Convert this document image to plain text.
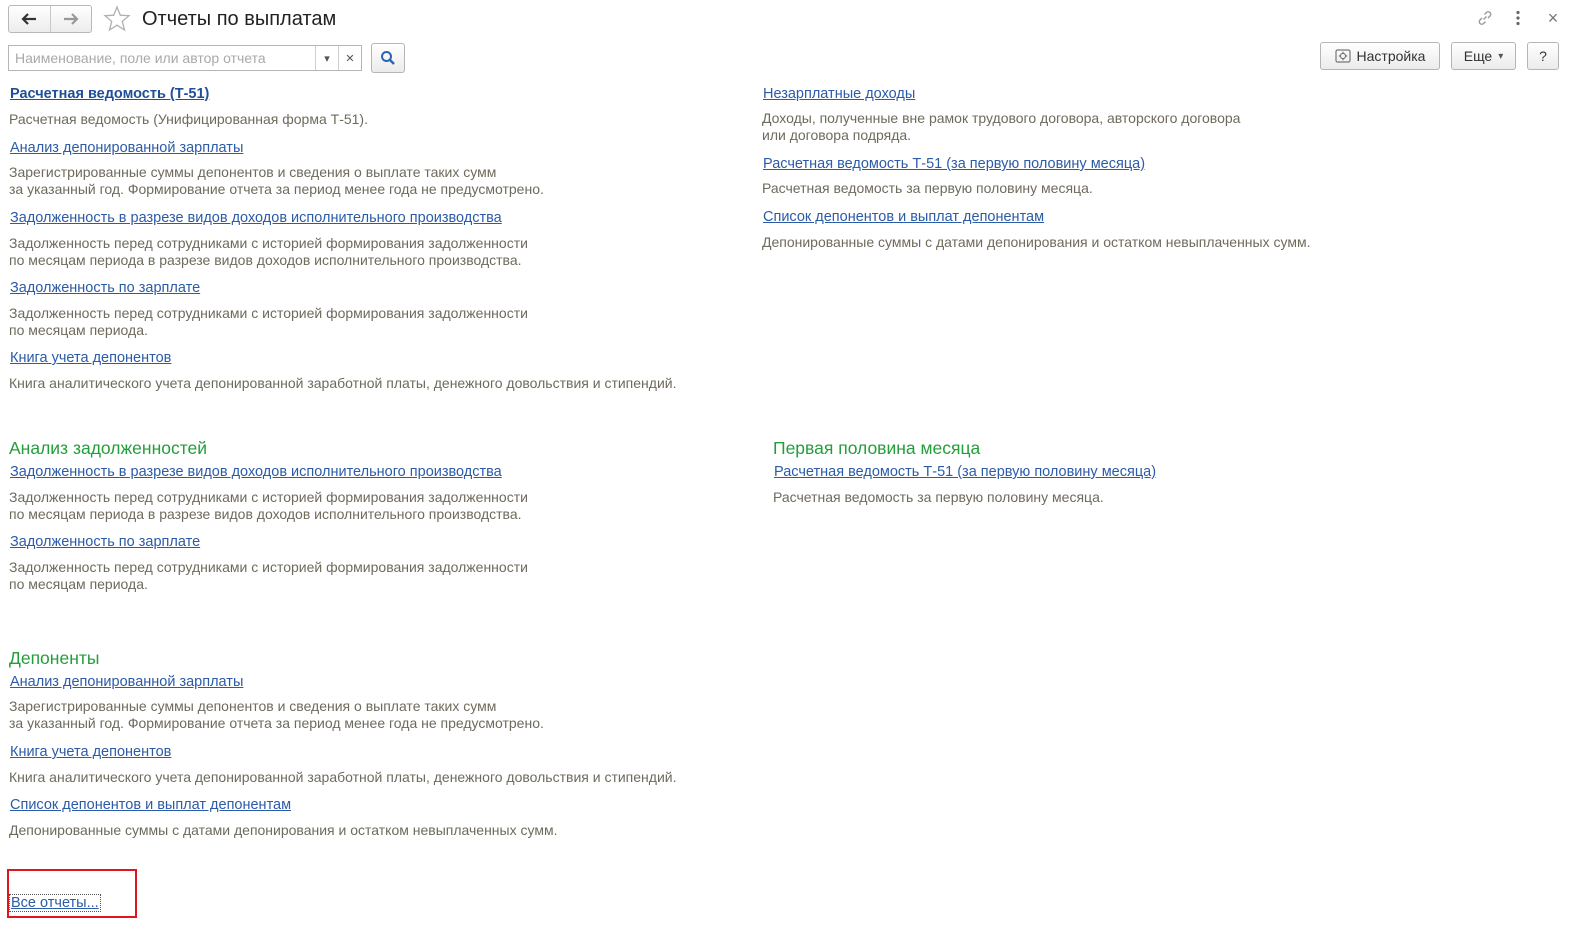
Отчеты по выплатам	×
Наименование, поле или автор отчета
▾	✕	Настройка	Еще ▾	?
Расчетная ведомость (Т-51)
Расчетная ведомость (Унифицированная форма Т-51).
Анализ депонированной зарплаты
Зарегистрированные суммы депонентов и сведения о выплате таких сумм
за указанный год. Формирование отчета за период менее года не предусмотрено.
Задолженность в разрезе видов доходов исполнительного производства
Задолженность перед сотрудниками с историей формирования задолженности
по месяцам периода в разрезе видов доходов исполнительного производства.
Задолженность по зарплате
Задолженность перед сотрудниками с историей формирования задолженности
по месяцам периода.
Книга учета депонентов
Книга аналитического учета депонированной заработной платы, денежного довольствия и стипендий.
Незарплатные доходы
Доходы, полученные вне рамок трудового договора, авторского договора
или договора подряда.
Расчетная ведомость Т-51 (за первую половину месяца)
Расчетная ведомость за первую половину месяца.
Список депонентов и выплат депонентам
Депонированные суммы с датами депонирования и остатком невыплаченных сумм.
Анализ задолженностей
Задолженность в разрезе видов доходов исполнительного производства
Задолженность перед сотрудниками с историей формирования задолженности
по месяцам периода в разрезе видов доходов исполнительного производства.
Задолженность по зарплате
Задолженность перед сотрудниками с историей формирования задолженности
по месяцам периода.
Первая половина месяца
Расчетная ведомость Т-51 (за первую половину месяца)
Расчетная ведомость за первую половину месяца.
Депоненты
Анализ депонированной зарплаты
Зарегистрированные суммы депонентов и сведения о выплате таких сумм
за указанный год. Формирование отчета за период менее года не предусмотрено.
Книга учета депонентов
Книга аналитического учета депонированной заработной платы, денежного довольствия и стипендий.
Список депонентов и выплат депонентам
Депонированные суммы с датами депонирования и остатком невыплаченных сумм.
Все отчеты...
